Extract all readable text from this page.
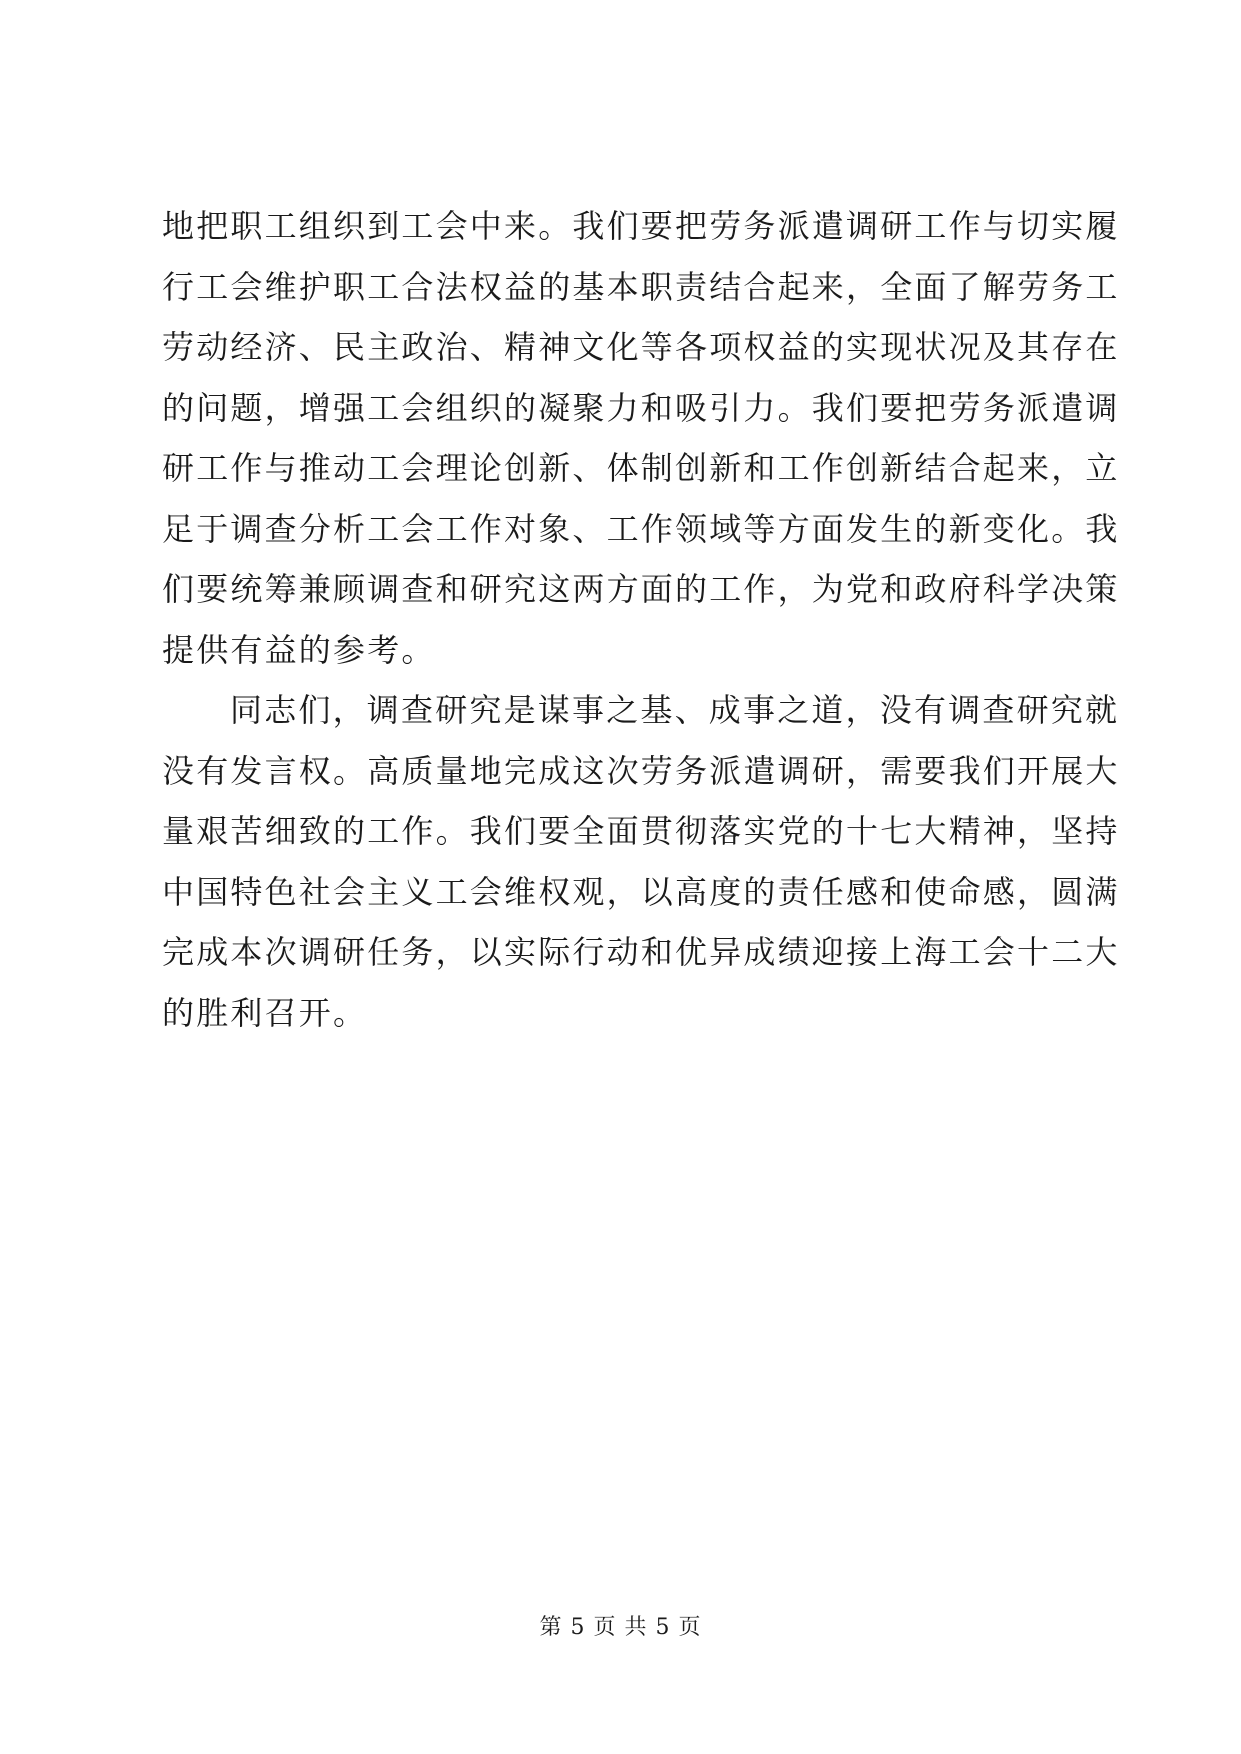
地把职工组织到工会中来。我们要把劳务派遣调研工作与切实履
行工会维护职工合法权益的基本职责结合起来，全面了解劳务工
劳动经济、民主政治、精神文化等各项权益的实现状况及其存在
的问题，增强工会组织的凝聚力和吸引力。我们要把劳务派遣调
研工作与推动工会理论创新、体制创新和工作创新结合起来，立
足于调查分析工会工作对象、工作领域等方面发生的新变化。我
们要统筹兼顾调查和研究这两方面的工作，为党和政府科学决策
提供有益的参考。
同志们，调查研究是谋事之基、成事之道，没有调查研究就
没有发言权。高质量地完成这次劳务派遣调研，需要我们开展大
量艰苦细致的工作。我们要全面贯彻落实党的十七大精神，坚持
中国特色社会主义工会维权观，以高度的责任感和使命感，圆满
完成本次调研任务，以实际行动和优异成绩迎接上海工会十二大
的胜利召开。
第 5 页 共 5 页
